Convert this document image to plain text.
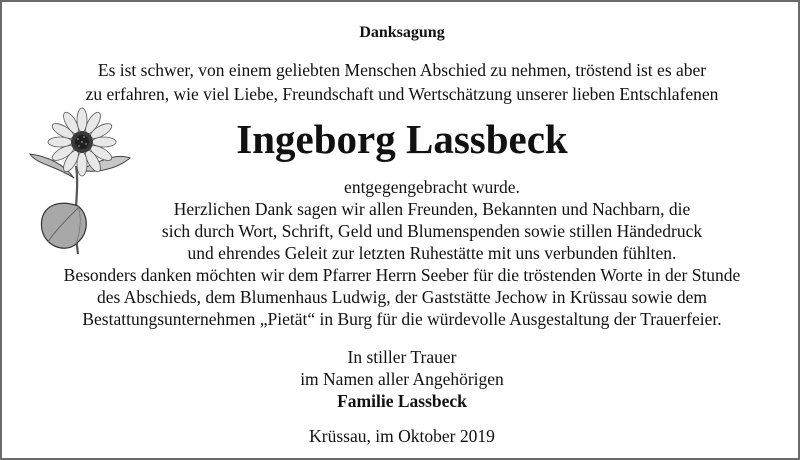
Danksagung
Es ist schwer, von einem geliebten Menschen Abschied zu nehmen, tröstend ist es aber
zu erfahren, wie viel Liebe, Freundschaft und Wertschätzung unserer lieben Entschlafenen
Ingeborg Lassbeck
entgegengebracht wurde.
Herzlichen Dank sagen wir allen Freunden, Bekannten und Nachbarn, die
sich durch Wort, Schrift, Geld und Blumenspenden sowie stillen Händedruck
und ehrendes Geleit zur letzten Ruhestätte mit uns verbunden fühlten.
Besonders danken möchten wir dem Pfarrer Herrn Seeber für die tröstenden Worte in der Stunde
des Abschieds, dem Blumenhaus Ludwig, der Gaststätte Jechow in Krüssau sowie dem
Bestattungsunternehmen „Pietät“ in Burg für die würdevolle Ausgestaltung der Trauerfeier.
In stiller Trauer
im Namen aller Angehörigen
Familie Lassbeck
Krüssau, im Oktober 2019
